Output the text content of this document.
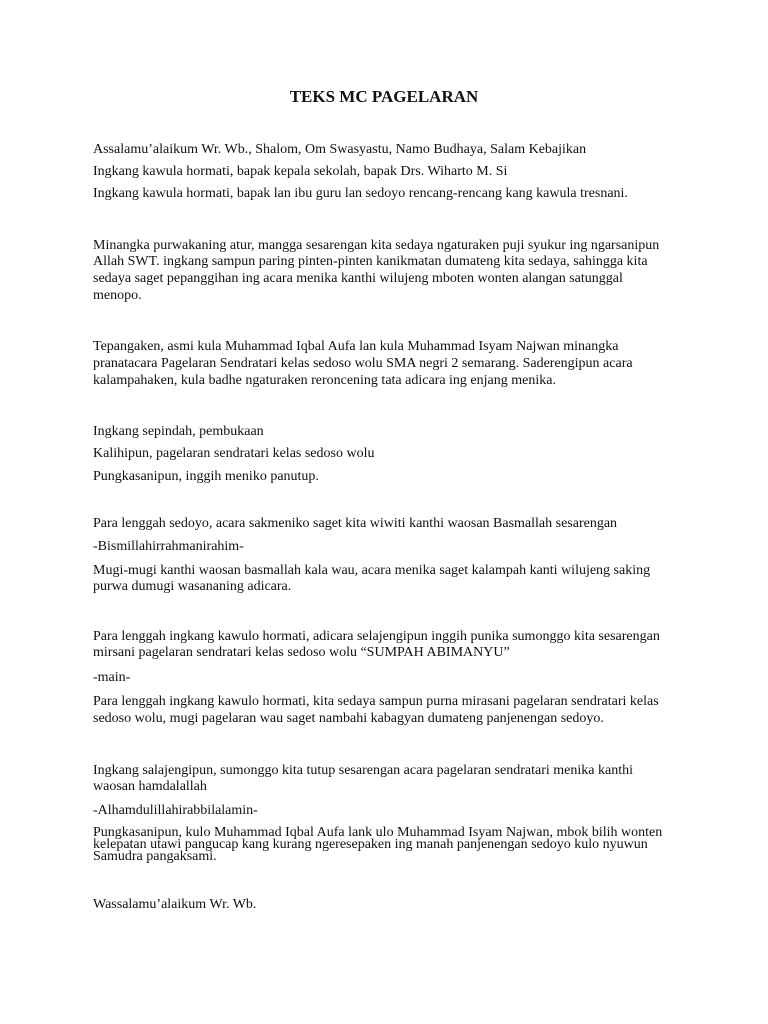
TEKS MC PAGELARAN
Assalamu’alaikum Wr. Wb., Shalom, Om Swasyastu, Namo Budhaya, Salam Kebajikan
Ingkang kawula hormati, bapak kepala sekolah, bapak Drs. Wiharto M. Si
Ingkang kawula hormati, bapak lan ibu guru lan sedoyo rencang-rencang kang kawula tresnani.
Minangka purwakaning atur, mangga sesarengan kita sedaya ngaturaken puji syukur ing ngarsanipun
Allah SWT. ingkang sampun paring pinten-pinten kanikmatan dumateng kita sedaya, sahingga kita
sedaya saget pepanggihan ing acara menika kanthi wilujeng mboten wonten alangan satunggal
menopo.
Tepangaken, asmi kula Muhammad Iqbal Aufa lan kula Muhammad Isyam Najwan minangka
pranatacara Pagelaran Sendratari kelas sedoso wolu SMA negri 2 semarang. Saderengipun acara
kalampahaken, kula badhe ngaturaken reroncening tata adicara ing enjang menika.
Ingkang sepindah, pembukaan
Kalihipun, pagelaran sendratari kelas sedoso wolu
Pungkasanipun, inggih meniko panutup.
Para lenggah sedoyo, acara sakmeniko saget kita wiwiti kanthi waosan Basmallah sesarengan
-Bismillahirrahmanirahim-
Mugi-mugi kanthi waosan basmallah kala wau, acara menika saget kalampah kanti wilujeng saking
purwa dumugi wasananing adicara.
Para lenggah ingkang kawulo hormati, adicara selajengipun inggih punika sumonggo kita sesarengan
mirsani pagelaran sendratari kelas sedoso wolu “SUMPAH ABIMANYU”
-main-
Para lenggah ingkang kawulo hormati, kita sedaya sampun purna mirasani pagelaran sendratari kelas
sedoso wolu, mugi pagelaran wau saget nambahi kabagyan dumateng panjenengan sedoyo.
Ingkang salajengipun, sumonggo kita tutup sesarengan acara pagelaran sendratari menika kanthi
waosan hamdalallah
-Alhamdulillahirabbilalamin-
Pungkasanipun, kulo Muhammad Iqbal Aufa lank ulo Muhammad Isyam Najwan, mbok bilih wonten
kelepatan utawi pangucap kang kurang ngeresepaken ing manah panjenengan sedoyo kulo nyuwun
Samudra pangaksami.
Wassalamu’alaikum Wr. Wb.
